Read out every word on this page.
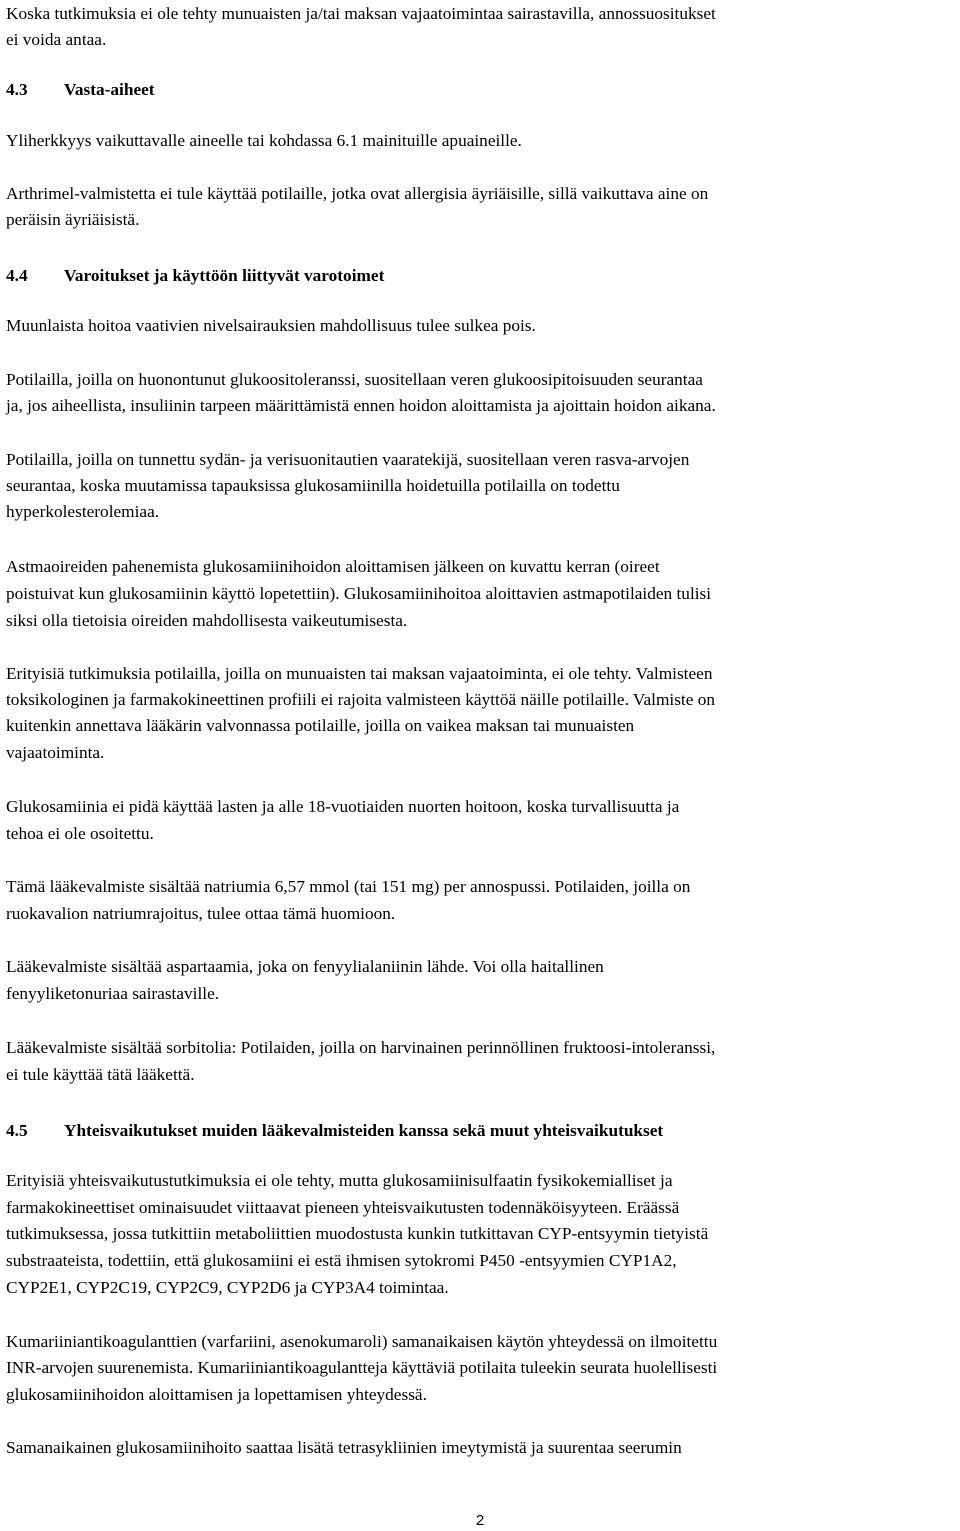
Koska tutkimuksia ei ole tehty munuaisten ja/tai maksan vajaatoimintaa sairastavilla, annossuositukset
ei voida antaa.
4.3 Vasta-aiheet
Yliherkkyys vaikuttavalle aineelle tai kohdassa 6.1 mainituille apuaineille.
Arthrimel-valmistetta ei tule käyttää potilaille, jotka ovat allergisia äyriäisille, sillä vaikuttava aine on
peräisin äyriäisistä.
4.4 Varoitukset ja käyttöön liittyvät varotoimet
Muunlaista hoitoa vaativien nivelsairauksien mahdollisuus tulee sulkea pois.
Potilailla, joilla on huonontunut glukoositoleranssi, suositellaan veren glukoosipitoisuuden seurantaa
ja, jos aiheellista, insuliinin tarpeen määrittämistä ennen hoidon aloittamista ja ajoittain hoidon aikana.
Potilailla, joilla on tunnettu sydän- ja verisuonitautien vaaratekijä, suositellaan veren rasva-arvojen
seurantaa, koska muutamissa tapauksissa glukosamiinilla hoidetuilla potilailla on todettu
hyperkolesterolemiaa.
Astmaoireiden pahenemista glukosamiinihoidon aloittamisen jälkeen on kuvattu kerran (oireet
poistuivat kun glukosamiinin käyttö lopetettiin). Glukosamiinihoitoa aloittavien astmapotilaiden tulisi
siksi olla tietoisia oireiden mahdollisesta vaikeutumisesta.
Erityisiä tutkimuksia potilailla, joilla on munuaisten tai maksan vajaatoiminta, ei ole tehty. Valmisteen
toksikologinen ja farmakokineettinen profiili ei rajoita valmisteen käyttöä näille potilaille. Valmiste on
kuitenkin annettava lääkärin valvonnassa potilaille, joilla on vaikea maksan tai munuaisten
vajaatoiminta.
Glukosamiinia ei pidä käyttää lasten ja alle 18-vuotiaiden nuorten hoitoon, koska turvallisuutta ja
tehoa ei ole osoitettu.
Tämä lääkevalmiste sisältää natriumia 6,57 mmol (tai 151 mg) per annospussi. Potilaiden, joilla on
ruokavalion natriumrajoitus, tulee ottaa tämä huomioon.
Lääkevalmiste sisältää aspartaamia, joka on fenyylialaniinin lähde. Voi olla haitallinen
fenyyliketonuriaa sairastaville.
Lääkevalmiste sisältää sorbitolia: Potilaiden, joilla on harvinainen perinnöllinen fruktoosi-intoleranssi,
ei tule käyttää tätä lääkettä.
4.5 Yhteisvaikutukset muiden lääkevalmisteiden kanssa sekä muut yhteisvaikutukset
Erityisiä yhteisvaikutustutkimuksia ei ole tehty, mutta glukosamiinisulfaatin fysikokemialliset ja
farmakokineettiset ominaisuudet viittaavat pieneen yhteisvaikutusten todennäköisyyteen. Eräässä
tutkimuksessa, jossa tutkittiin metaboliittien muodostusta kunkin tutkittavan CYP-entsyymin tietyistä
substraateista, todettiin, että glukosamiini ei estä ihmisen sytokromi P450 -entsyymien CYP1A2,
CYP2E1, CYP2C19, CYP2C9, CYP2D6 ja CYP3A4 toimintaa.
Kumariiniantikoagulanttien (varfariini, asenokumaroli) samanaikaisen käytön yhteydessä on ilmoitettu
INR-arvojen suurenemista. Kumariiniantikoagulantteja käyttäviä potilaita tuleekin seurata huolellisesti
glukosamiinihoidon aloittamisen ja lopettamisen yhteydessä.
Samanaikainen glukosamiinihoito saattaa lisätä tetrasykliinien imeytymistä ja suurentaa seerumin
2
